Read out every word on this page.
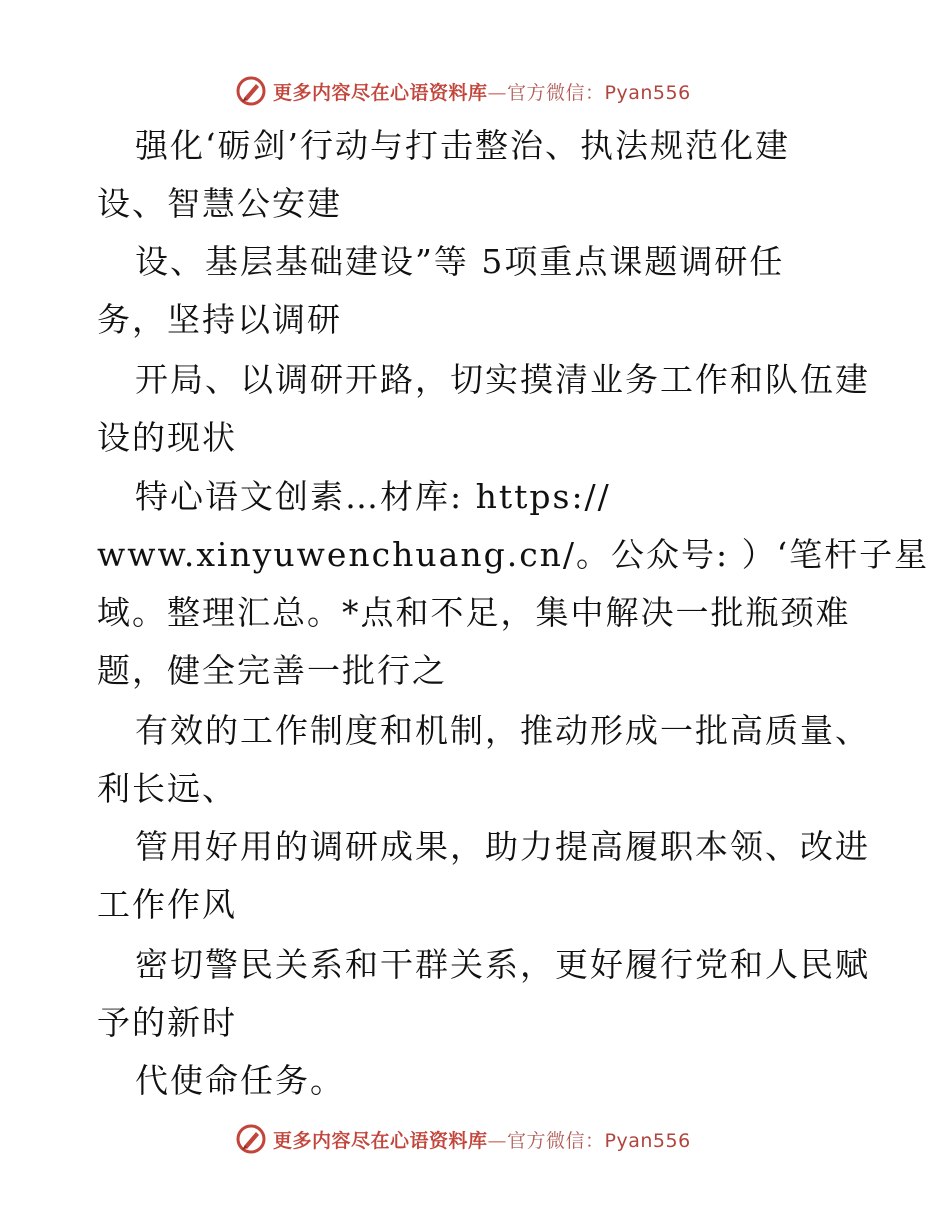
更多内容尽在心语资料库—官方微信：Pyan556
强化‘砺剑’行动与打击整治、执法规范化建
设、智慧公安建
设、基层基础建设”等 5项重点课题调研任
务，坚持以调研
开局、以调研开路，切实摸清业务工作和队伍建
设的现状
特心语文创素…材库: https://
www.xinyuwenchuang.cn/。公众号: ）‘笔杆子星
域。整理汇总。*点和不足，集中解决一批瓶颈难
题，健全完善一批行之
有效的工作制度和机制，推动形成一批高质量、
利长远、
管用好用的调研成果，助力提高履职本领、改进
工作作风
密切警民关系和干群关系，更好履行党和人民赋
予的新时
代使命任务。
更多内容尽在心语资料库—官方微信：Pyan556
